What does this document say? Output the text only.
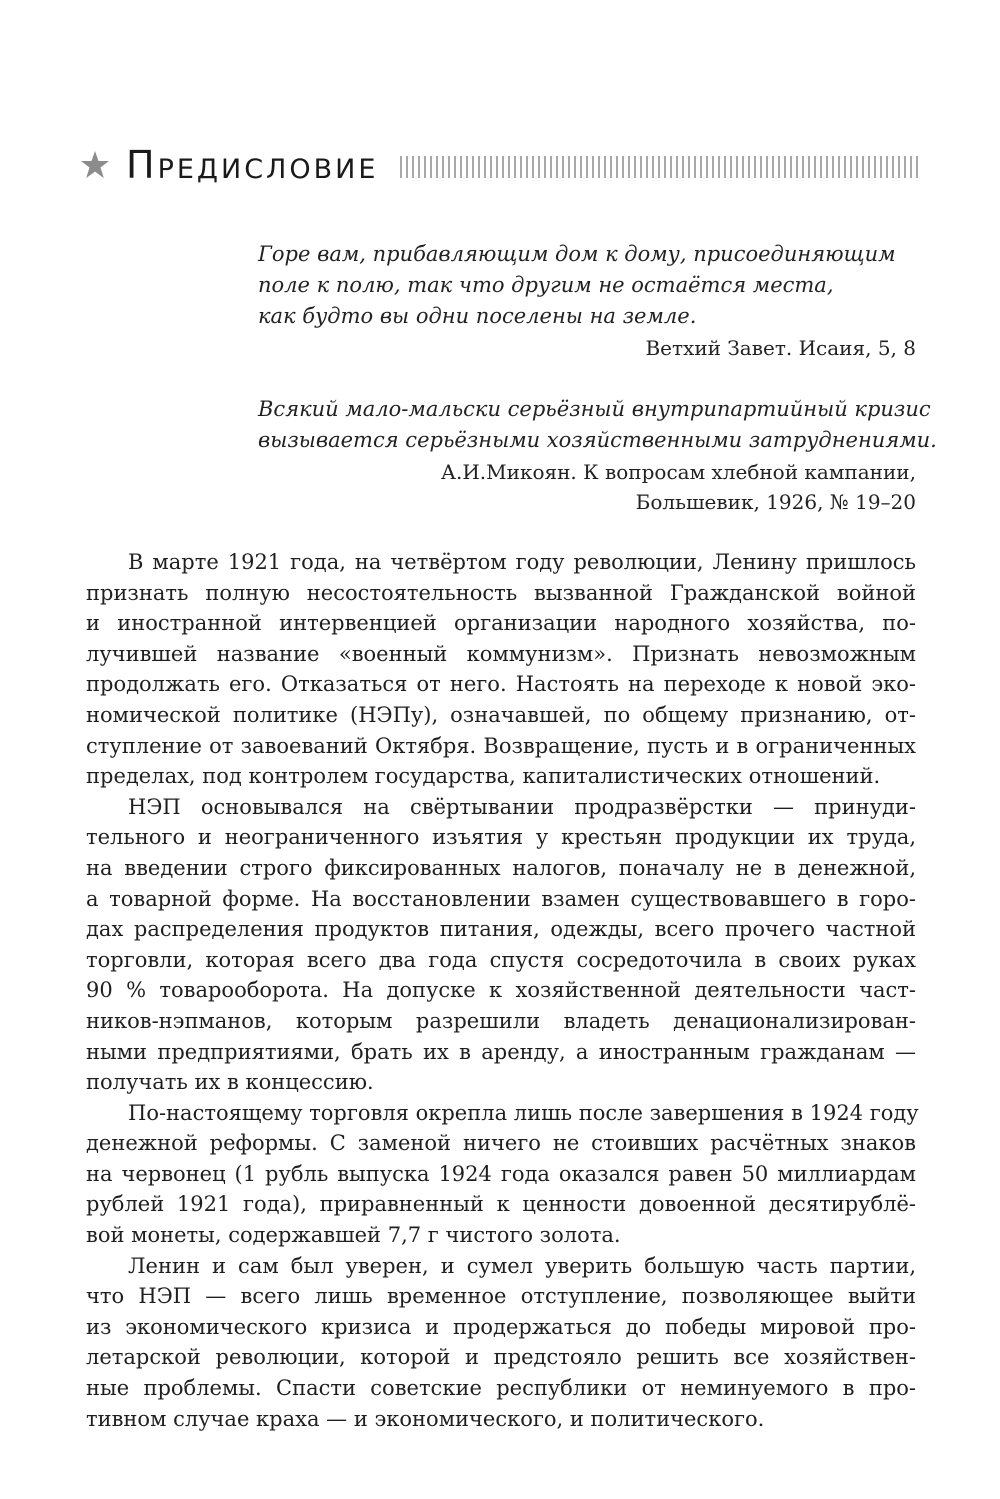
Предисловие
Горе вам, прибавляющим дом к дому, присоединяющим
поле к полю, так что другим не остаётся места,
как будто вы одни поселены на земле.
Ветхий Завет. Исаия, 5, 8
Всякий мало-мальски серьёзный внутрипартийный кризис
вызывается серьёзными хозяйственными затруднениями.
А.И.Микоян. К вопросам хлебной кампании,
Большевик, 1926, № 19–20
В марте 1921 года, на четвёртом году революции, Ленину пришлось
признать полную несостоятельность вызванной Гражданской войной
и иностранной интервенцией организации народного хозяйства, по-
лучившей название «военный коммунизм». Признать невозможным
продолжать его. Отказаться от него. Настоять на переходе к новой эко-
номической политике (НЭПу), означавшей, по общему признанию, от-
ступление от завоеваний Октября. Возвращение, пусть и в ограниченных
пределах, под контролем государства, капиталистических отношений.
НЭП основывался на свёртывании продразвёрстки — принуди-
тельного и неограниченного изъятия у крестьян продукции их труда,
на введении строго фиксированных налогов, поначалу не в денежной,
а товарной форме. На восстановлении взамен существовавшего в горо-
дах распределения продуктов питания, одежды, всего прочего частной
торговли, которая всего два года спустя сосредоточила в своих руках
90 % товарооборота. На допуске к хозяйственной деятельности част-
ников-нэпманов, которым разрешили владеть денационализирован-
ными предприятиями, брать их в аренду, а иностранным гражданам —
получать их в концессию.
По-настоящему торговля окрепла лишь после завершения в 1924 году
денежной реформы. С заменой ничего не стоивших расчётных знаков
на червонец (1 рубль выпуска 1924 года оказался равен 50 миллиардам
рублей 1921 года), приравненный к ценности довоенной десятирублё-
вой монеты, содержавшей 7,7 г чистого золота.
Ленин и сам был уверен, и сумел уверить большую часть партии,
что НЭП — всего лишь временное отступление, позволяющее выйти
из экономического кризиса и продержаться до победы мировой про-
летарской революции, которой и предстояло решить все хозяйствен-
ные проблемы. Спасти советские республики от неминуемого в про-
тивном случае краха — и экономического, и политического.
